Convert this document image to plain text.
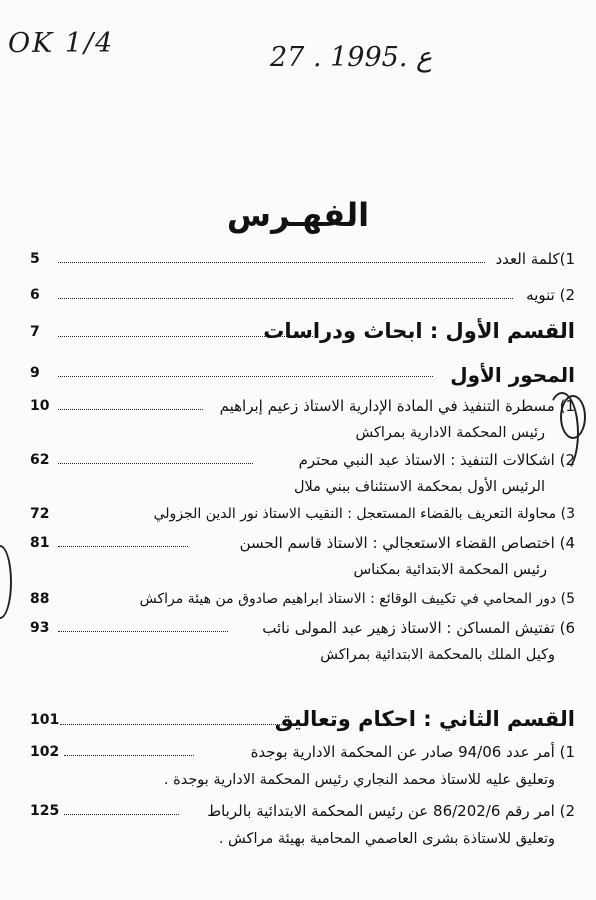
OK 1/4	27 . ع .1995
الفهـرس
5	1)كلمة العدد
6	2) تنويه
7	القسم الأول : ابحاث ودراسات
9	المحور الأول
10	1) مسطرة التنفيذ في المادة الإدارية الاستاذ زعيم إبراهيم
رئيس المحكمة الادارية بمراكش
62	2) اشكالات التنفيذ : الاستاذ عبد النبي محترم
الرئيس الأول بمحكمة الاستئناف ببني ملال
72	3) محاولة التعريف بالقضاء المستعجل : النقيب الاستاذ نور الدين الجزولي
81	4) اختصاص القضاء الاستعجالي : الاستاذ قاسم الحسن
رئيس المحكمة الابتدائية بمكناس
88	5) دور المحامي في تكييف الوقائع : الاستاذ ابراهيم صادوق من هيئة مراكش
93	6) تفتيش المساكن : الاستاذ زهير عبد المولى نائب
وكيل الملك بالمحكمة الابتدائية بمراكش
101	القسم الثاني : احكام وتعاليق
102	1) أمر عدد 94/06 صادر عن المحكمة الادارية بوجدة
وتعليق عليه للاستاذ محمد النجاري رئيس المحكمة الادارية بوجدة .
125	2) امر رقم 86/202/6 عن رئيس المحكمة الابتدائية بالرباط
وتعليق للاستاذة بشرى العاصمي المحامية بهيئة مراكش .
